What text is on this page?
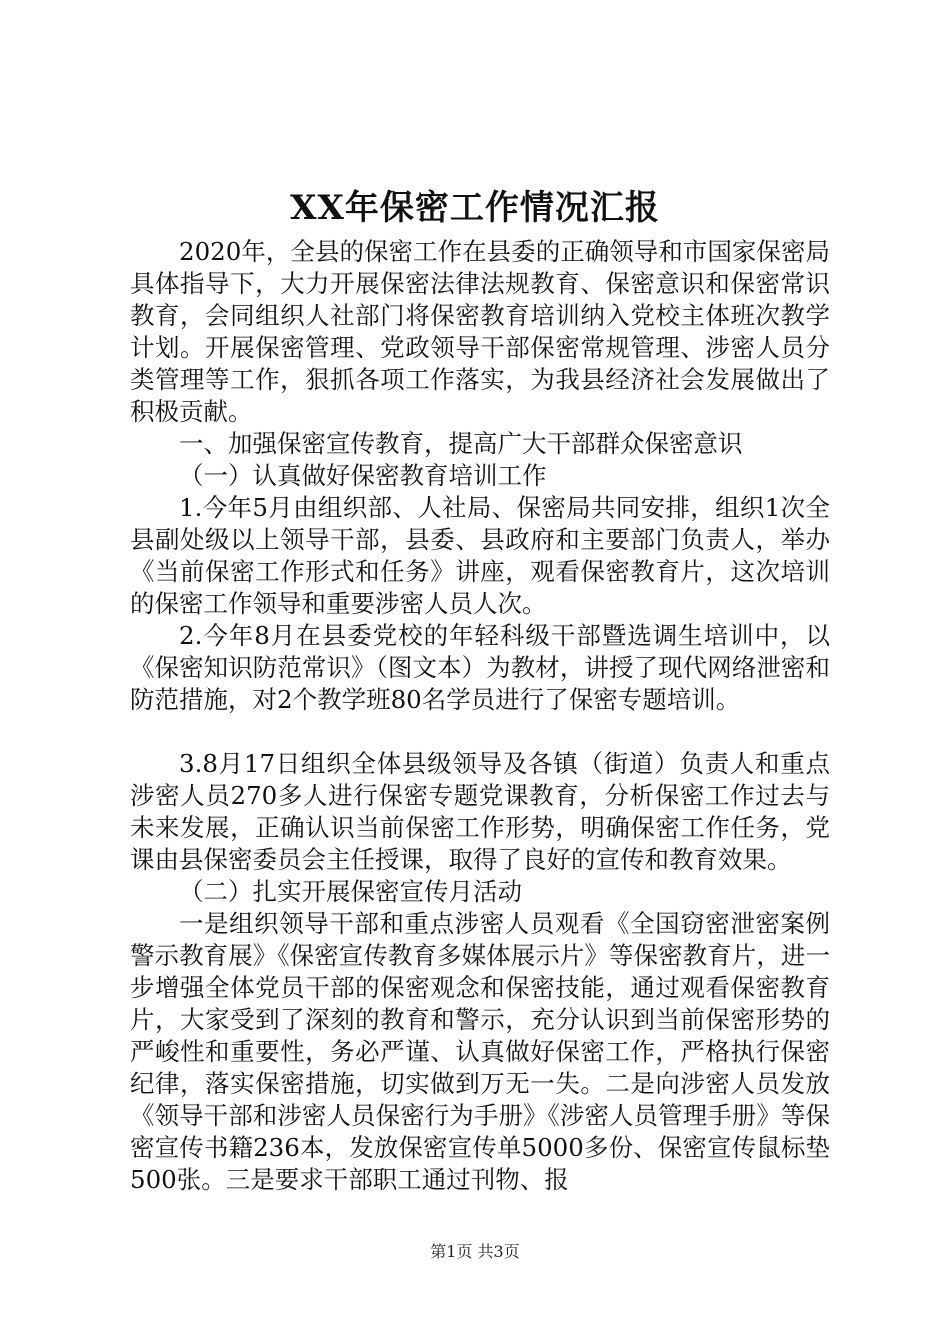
XX年保密工作情况汇报

2020年，全县的保密工作在县委的正确领导和市国家保密局具体指导下，大力开展保密法律法规教育、保密意识和保密常识教育，会同组织人社部门将保密教育培训纳入党校主体班次教学计划。开展保密管理、党政领导干部保密常规管理、涉密人员分类管理等工作，狠抓各项工作落实，为我县经济社会发展做出了积极贡献。

一、加强保密宣传教育，提高广大干部群众保密意识

（一）认真做好保密教育培训工作

1.今年5月由组织部、人社局、保密局共同安排，组织1次全县副处级以上领导干部，县委、县政府和主要部门负责人，举办《当前保密工作形式和任务》讲座，观看保密教育片，这次培训的保密工作领导和重要涉密人员人次。

2.今年8月在县委党校的年轻科级干部暨选调生培训中，以《保密知识防范常识》（图文本）为教材，讲授了现代网络泄密和防范措施，对2个教学班80名学员进行了保密专题培训。

3.8月17日组织全体县级领导及各镇（街道）负责人和重点涉密人员270多人进行保密专题党课教育，分析保密工作过去与未来发展，正确认识当前保密工作形势，明确保密工作任务，党课由县保密委员会主任授课，取得了良好的宣传和教育效果。

（二）扎实开展保密宣传月活动

一是组织领导干部和重点涉密人员观看《全国窃密泄密案例警示教育展》《保密宣传教育多媒体展示片》等保密教育片，进一步增强全体党员干部的保密观念和保密技能，通过观看保密教育片，大家受到了深刻的教育和警示，充分认识到当前保密形势的严峻性和重要性，务必严谨、认真做好保密工作，严格执行保密纪律，落实保密措施，切实做到万无一失。二是向涉密人员发放《领导干部和涉密人员保密行为手册》《涉密人员管理手册》等保密宣传书籍236本，发放保密宣传单5000多份、保密宣传鼠标垫500张。三是要求干部职工通过刊物、报

第1页 共3页
